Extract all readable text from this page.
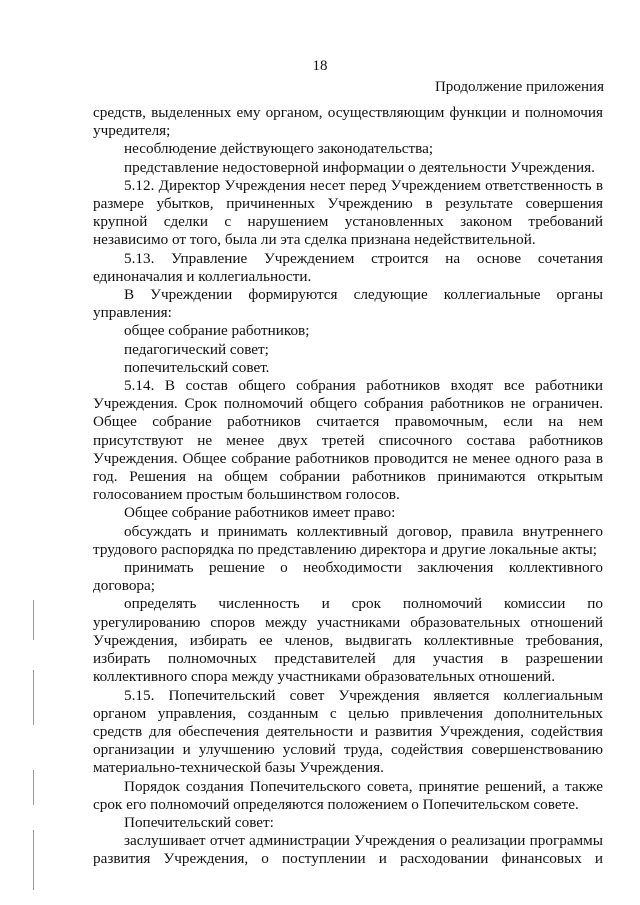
18
Продолжение приложения

средств, выделенных ему органом, осуществляющим функции и полномочия учредителя;

несоблюдение действующего законодательства;

представление недостоверной информации о деятельности Учреждения.

5.12. Директор Учреждения несет перед Учреждением ответственность в размере убытков, причиненных Учреждению в результате совершения крупной сделки с нарушением установленных законом требований независимо от того, была ли эта сделка признана недействительной.

5.13. Управление Учреждением строится на основе сочетания единоначалия и коллегиальности.

В Учреждении формируются следующие коллегиальные органы управления:

общее собрание работников;

педагогический совет;

попечительский совет.

5.14. В состав общего собрания работников входят все работники Учреждения. Срок полномочий общего собрания работников не ограничен. Общее собрание работников считается правомочным, если на нем присутствуют не менее двух третей списочного состава работников Учреждения. Общее собрание работников проводится не менее одного раза в год. Решения на общем собрании работников принимаются открытым голосованием простым большинством голосов.

Общее собрание работников имеет право:

обсуждать и принимать коллективный договор, правила внутреннего трудового распорядка по представлению директора и другие локальные акты;

принимать решение о необходимости заключения коллективного договора;

определять численность и срок полномочий комиссии по урегулированию споров между участниками образовательных отношений Учреждения, избирать ее членов, выдвигать коллективные требования, избирать полномочных представителей для участия в разрешении коллективного спора между участниками образовательных отношений.

5.15. Попечительский совет Учреждения является коллегиальным органом управления, созданным с целью привлечения дополнительных средств для обеспечения деятельности и развития Учреждения, содействия организации и улучшению условий труда, содействия совершенствованию материально-технической базы Учреждения.

Порядок создания Попечительского совета, принятие решений, а также срок его полномочий определяются положением о Попечительском совете.

Попечительский совет:

заслушивает отчет администрации Учреждения о реализации программы развития Учреждения, о поступлении и расходовании финансовых и
